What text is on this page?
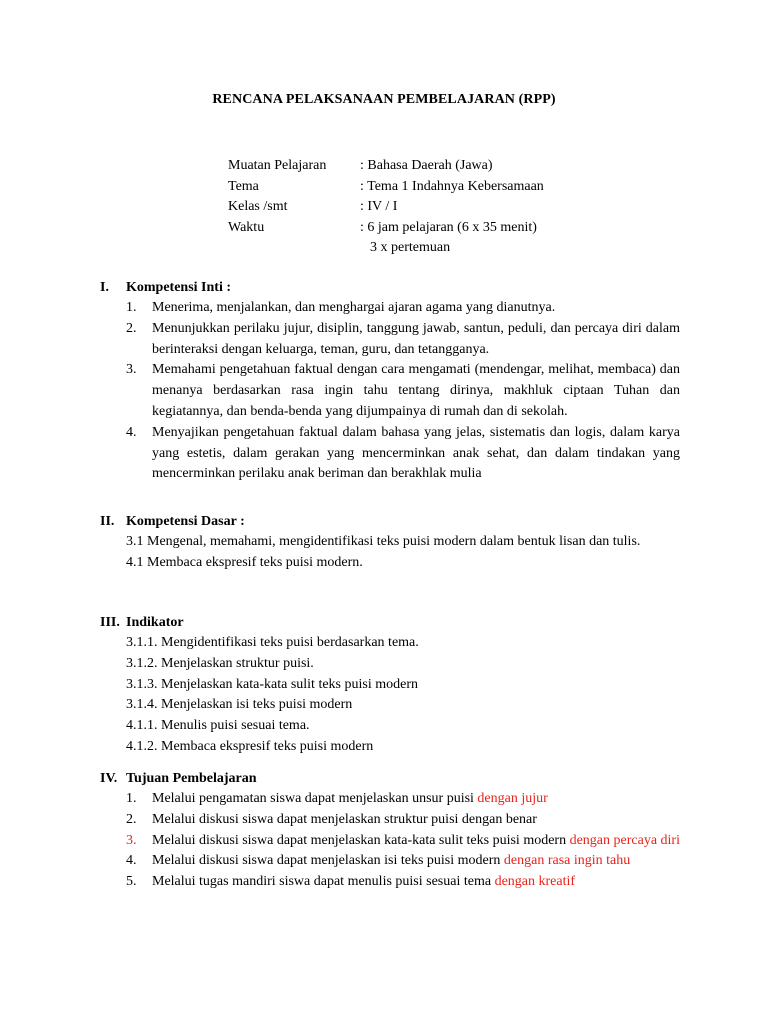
RENCANA PELAKSANAAN PEMBELAJARAN (RPP)
Muatan Pelajaran : Bahasa Daerah (Jawa)
Tema	: Tema 1 Indahnya Kebersamaan
Kelas /smt	: IV / I
Waktu	: 6 jam pelajaran (6 x 35 menit)
3 x pertemuan
I. Kompetensi Inti :
1. Menerima, menjalankan, dan menghargai ajaran agama yang dianutnya.
2. Menunjukkan perilaku jujur, disiplin, tanggung jawab, santun, peduli, dan percaya diri dalam berinteraksi dengan keluarga, teman, guru, dan tetangganya.
3. Memahami pengetahuan faktual dengan cara mengamati (mendengar, melihat, membaca) dan menanya berdasarkan rasa ingin tahu tentang dirinya, makhluk ciptaan Tuhan dan kegiatannya, dan benda-benda yang dijumpainya di rumah dan di sekolah.
4. Menyajikan pengetahuan faktual dalam bahasa yang jelas, sistematis dan logis, dalam karya yang estetis, dalam gerakan yang mencerminkan anak sehat, dan dalam tindakan yang mencerminkan perilaku anak beriman dan berakhlak mulia
II. Kompetensi Dasar :
3.1 Mengenal, memahami, mengidentifikasi teks puisi modern dalam bentuk lisan dan tulis.
4.1 Membaca ekspresif teks puisi modern.
III. Indikator
3.1.1. Mengidentifikasi teks puisi berdasarkan tema.
3.1.2. Menjelaskan struktur puisi.
3.1.3. Menjelaskan kata-kata sulit teks puisi modern
3.1.4. Menjelaskan isi teks puisi modern
4.1.1. Menulis puisi sesuai tema.
4.1.2. Membaca ekspresif teks puisi modern
IV. Tujuan Pembelajaran
1. Melalui pengamatan siswa dapat menjelaskan unsur puisi dengan jujur
2. Melalui diskusi siswa dapat menjelaskan struktur puisi dengan benar
3. Melalui diskusi siswa dapat menjelaskan kata-kata sulit teks puisi modern dengan percaya diri
4. Melalui diskusi siswa dapat menjelaskan isi teks puisi modern dengan rasa ingin tahu
5. Melalui tugas mandiri siswa dapat menulis puisi sesuai tema dengan kreatif
